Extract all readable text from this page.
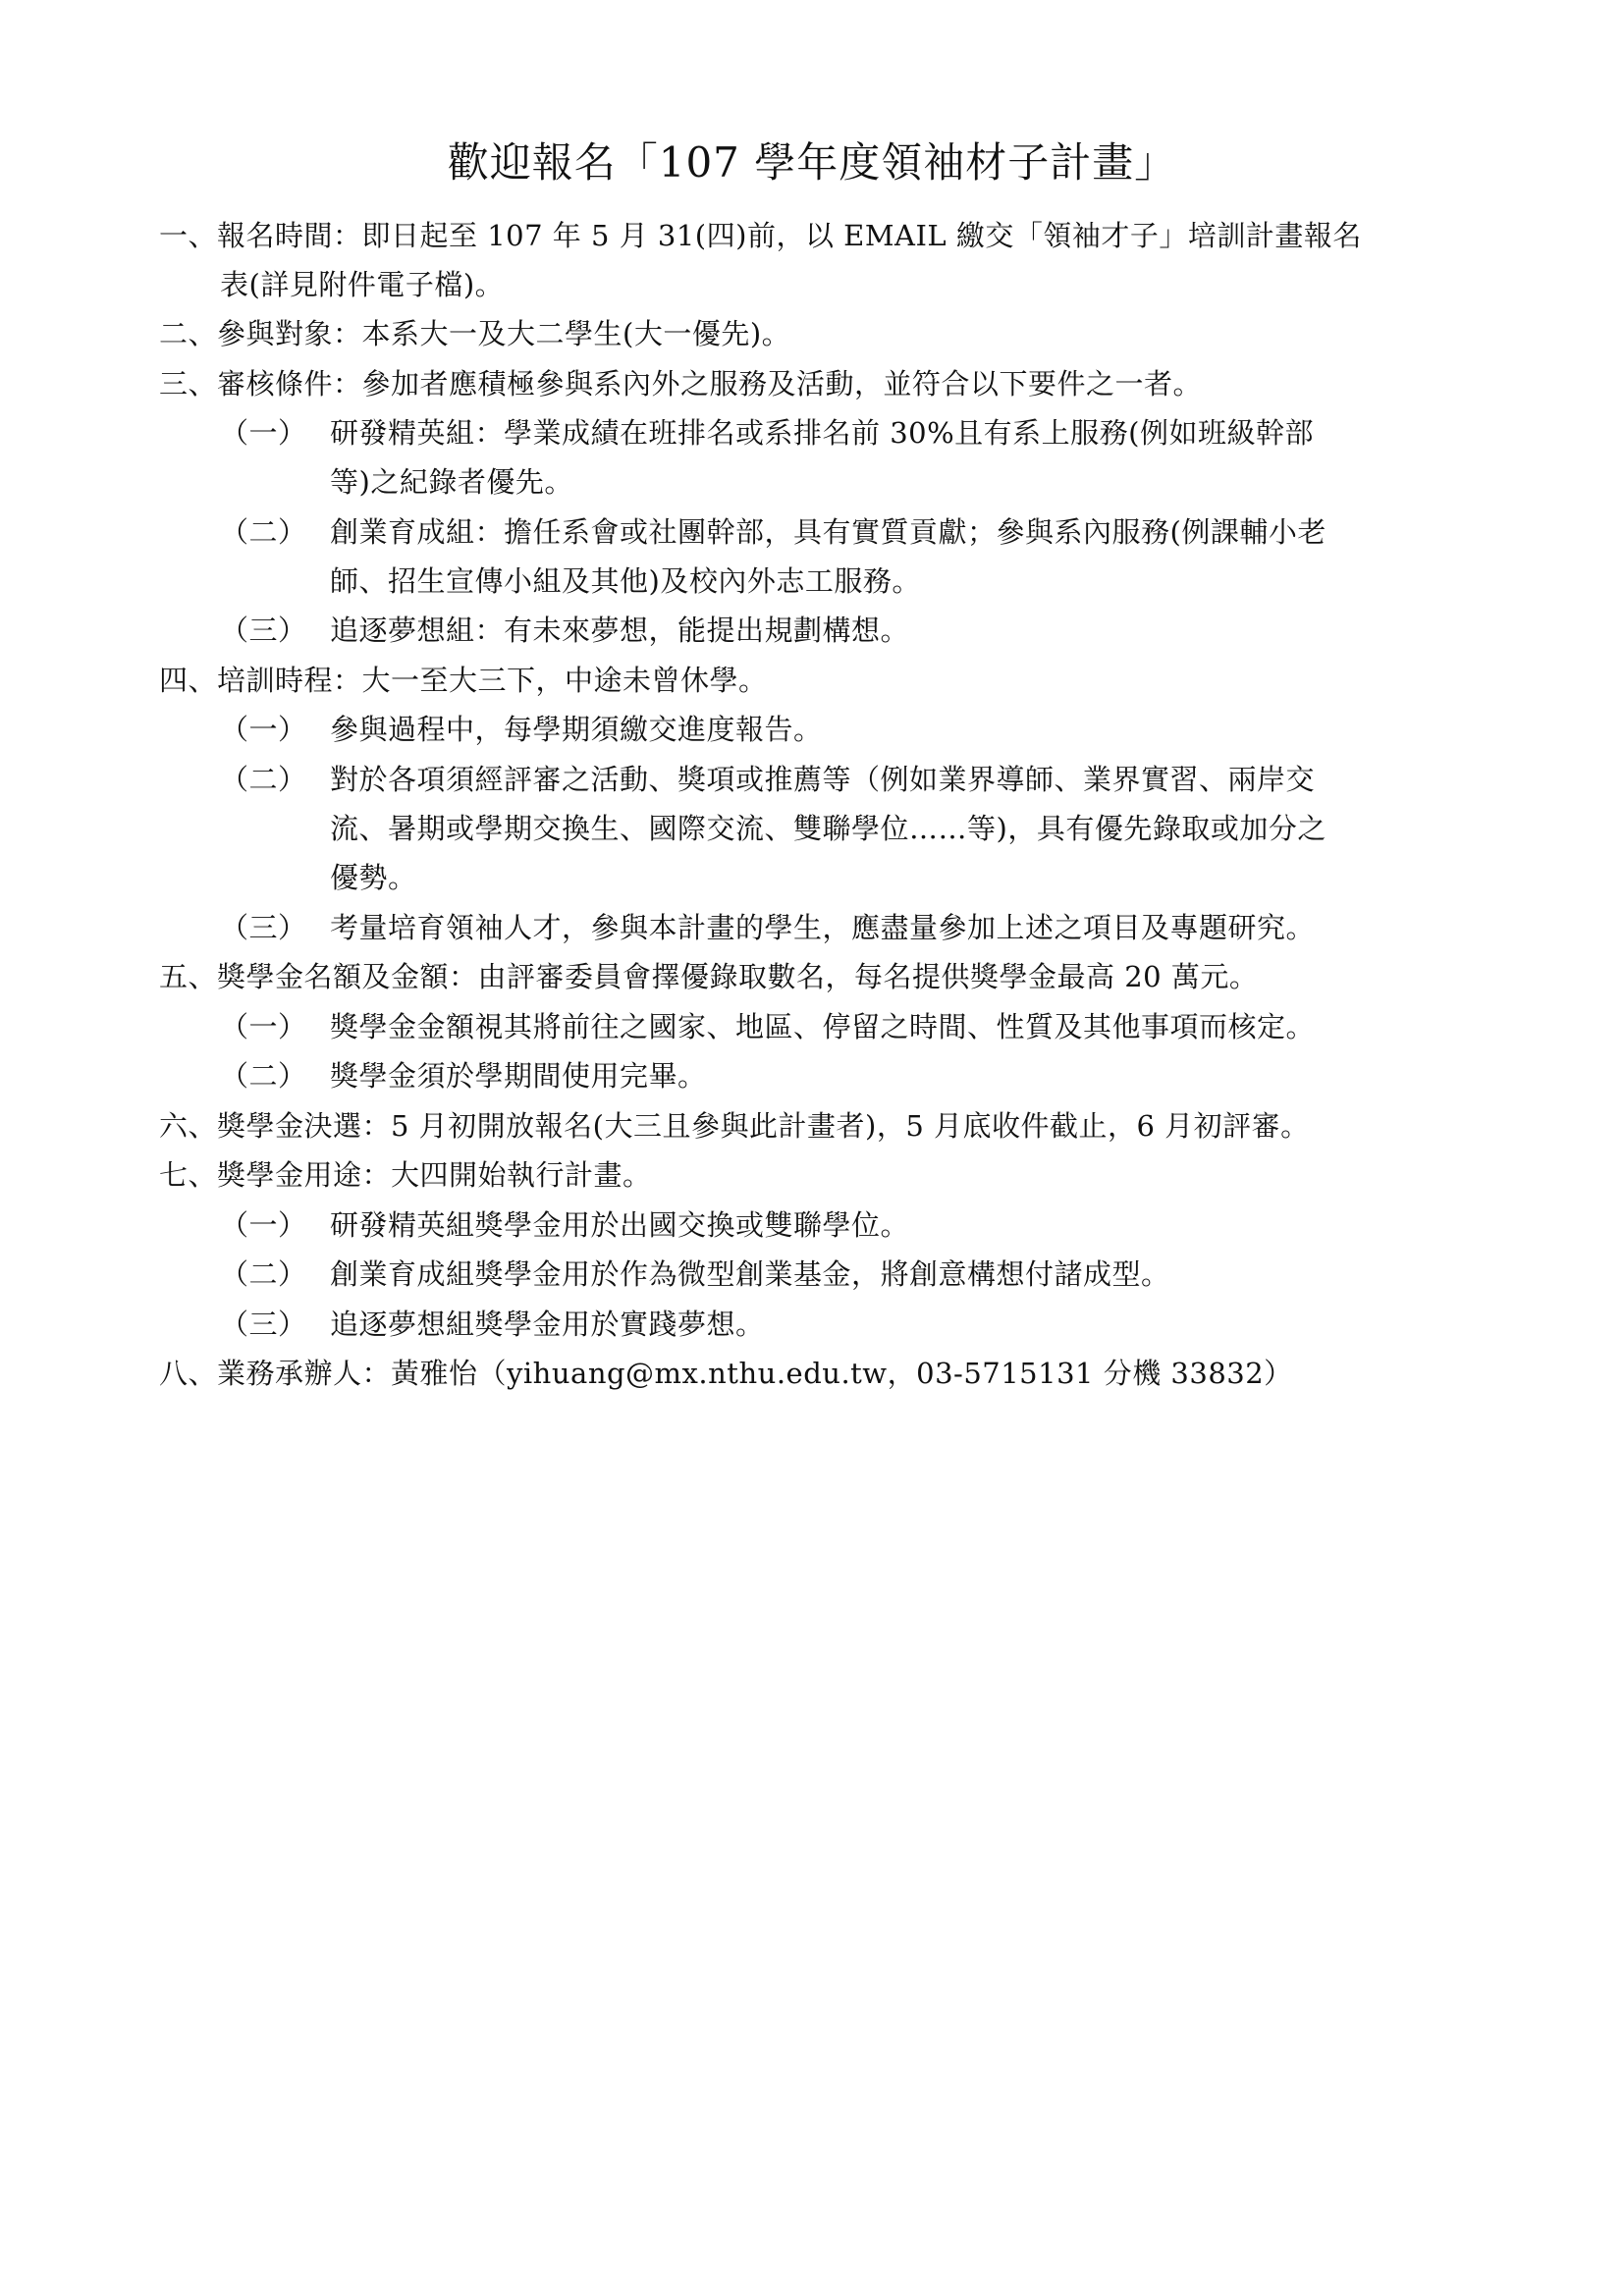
歡迎報名「107 學年度領袖材子計畫」
一、報名時間：即日起至 107 年 5 月 31(四)前，以 EMAIL 繳交「領袖才子」培訓計畫報名
表(詳見附件電子檔)。
二、參與對象：本系大一及大二學生(大一優先)。
三、審核條件：參加者應積極參與系內外之服務及活動，並符合以下要件之一者。
（一） 研發精英組：學業成績在班排名或系排名前 30%且有系上服務(例如班級幹部
等)之紀錄者優先。
（二） 創業育成組：擔任系會或社團幹部，具有實質貢獻；參與系內服務(例課輔小老
師、招生宣傳小組及其他)及校內外志工服務。
（三） 追逐夢想組：有未來夢想，能提出規劃構想。
四、培訓時程：大一至大三下，中途未曾休學。
（一） 參與過程中，每學期須繳交進度報告。
（二） 對於各項須經評審之活動、獎項或推薦等（例如業界導師、業界實習、兩岸交
流、暑期或學期交換生、國際交流、雙聯學位……等)，具有優先錄取或加分之
優勢。
（三） 考量培育領袖人才，參與本計畫的學生，應盡量參加上述之項目及專題研究。
五、獎學金名額及金額：由評審委員會擇優錄取數名，每名提供獎學金最高 20 萬元。
（一） 獎學金金額視其將前往之國家、地區、停留之時間、性質及其他事項而核定。
（二） 獎學金須於學期間使用完畢。
六、獎學金決選：5 月初開放報名(大三且參與此計畫者)，5 月底收件截止，6 月初評審。
七、獎學金用途：大四開始執行計畫。
（一） 研發精英組獎學金用於出國交換或雙聯學位。
（二） 創業育成組獎學金用於作為微型創業基金，將創意構想付諸成型。
（三） 追逐夢想組獎學金用於實踐夢想。
八、業務承辦人：黃雅怡（yihuang@mx.nthu.edu.tw，03-5715131 分機 33832）
